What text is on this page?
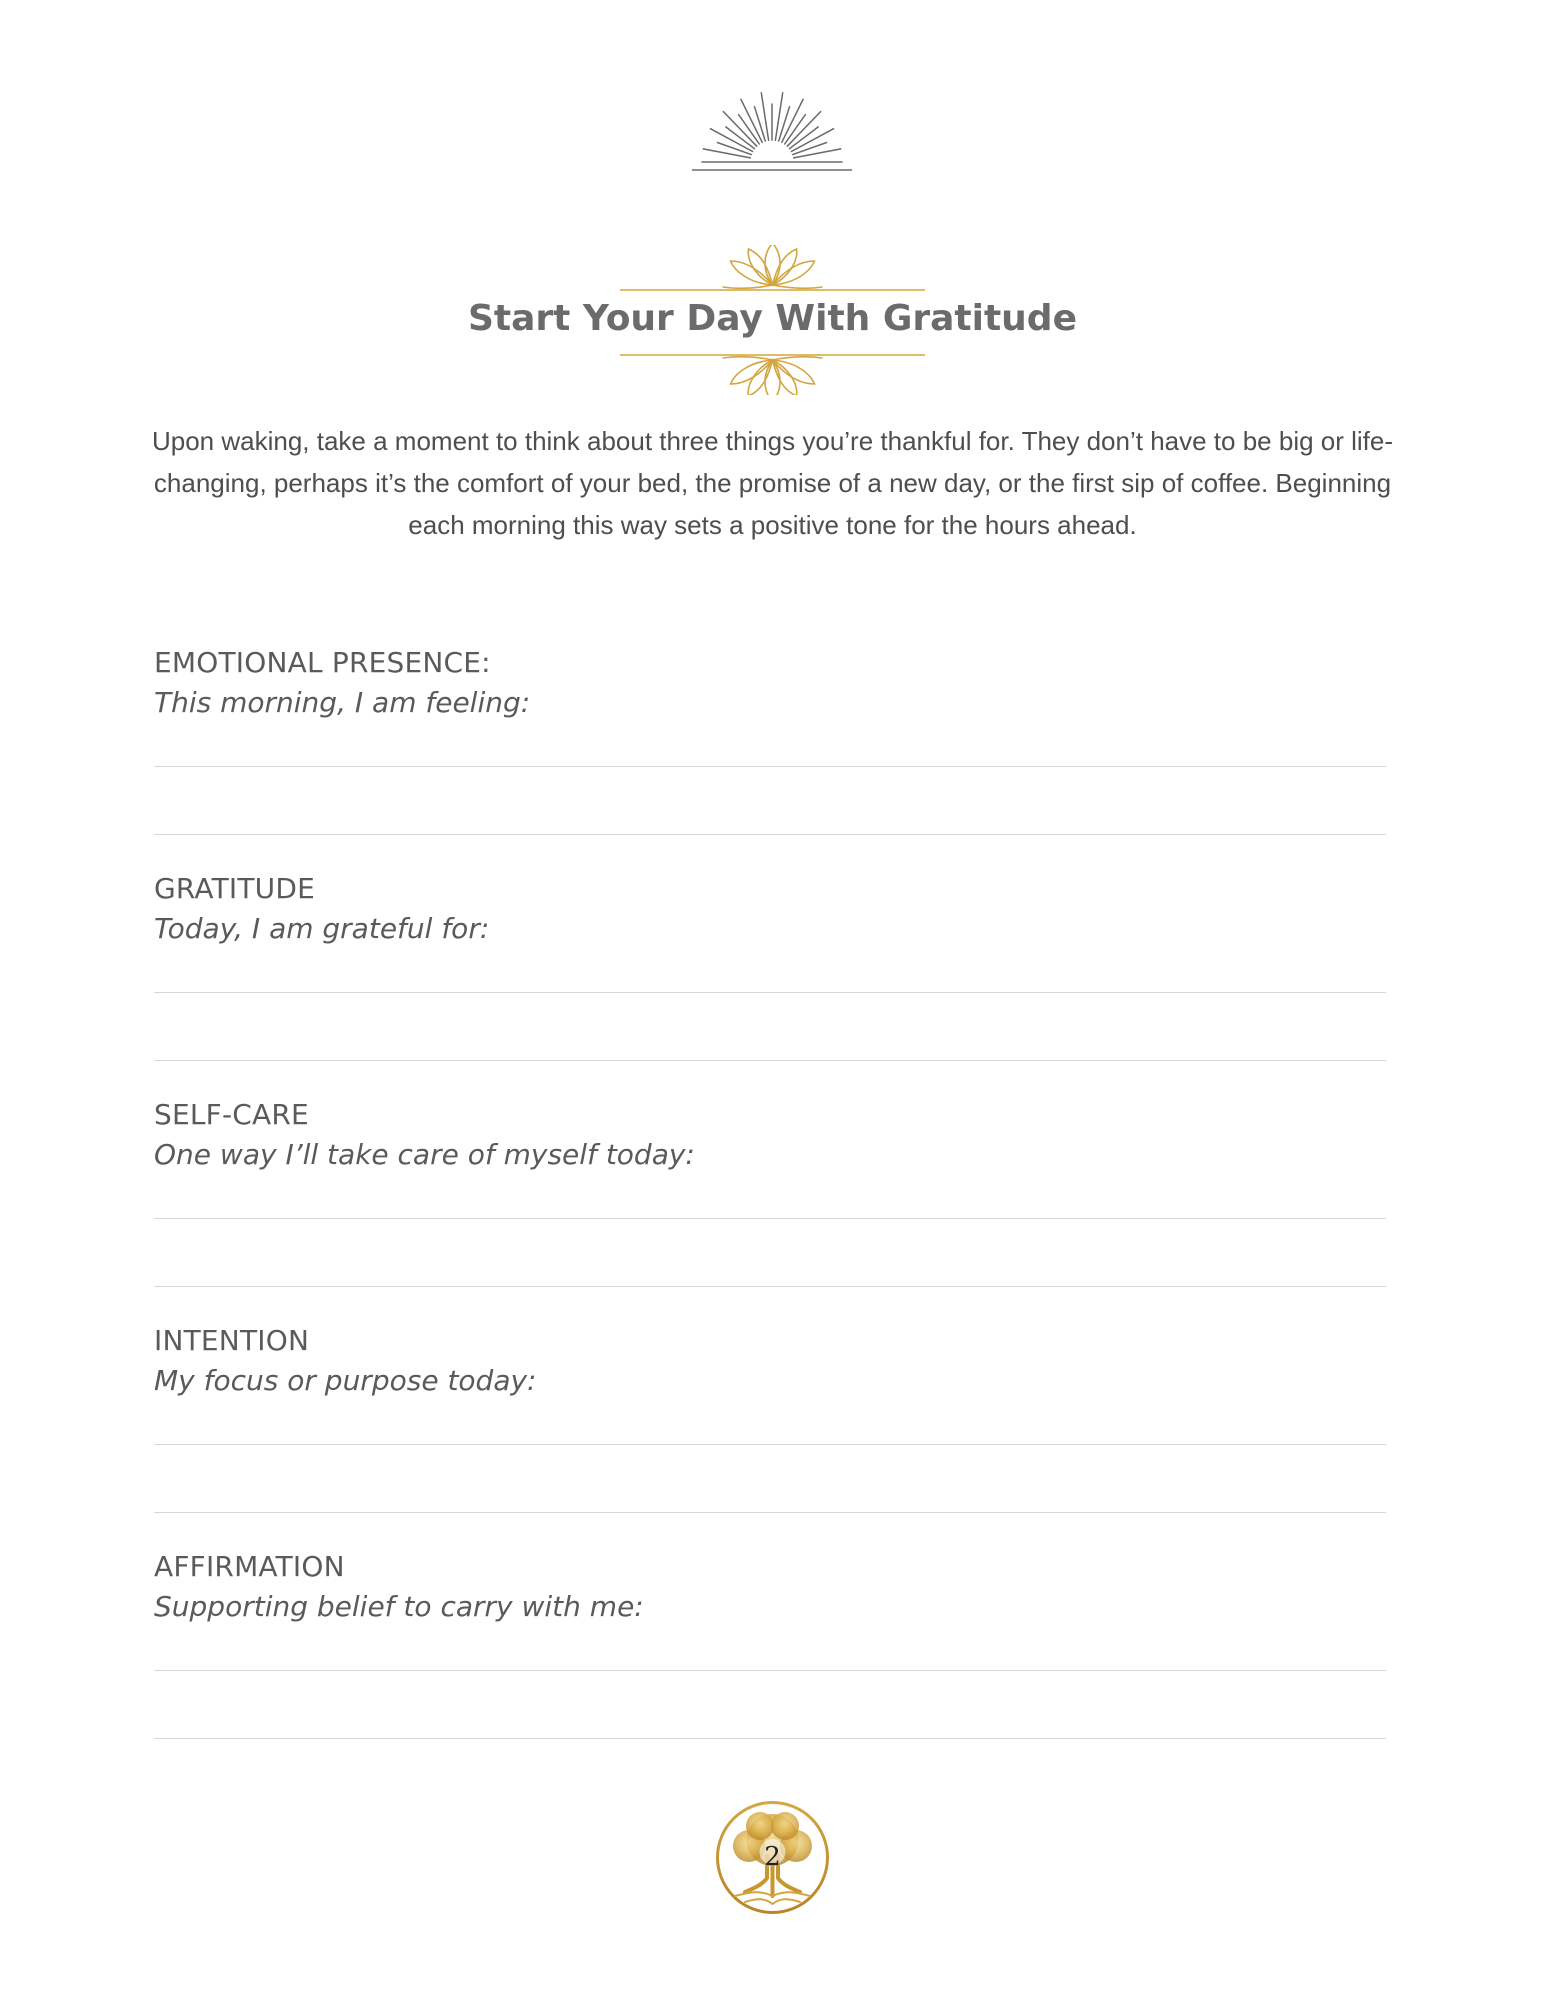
Start Your Day With Gratitude

Upon waking, take a moment to think about three things you’re thankful for. They don’t have to be big or life-changing, perhaps it’s the comfort of your bed, the promise of a new day, or the first sip of coffee. Beginning each morning this way sets a positive tone for the hours ahead.

EMOTIONAL PRESENCE:

This morning, I am feeling:

GRATITUDE

Today, I am grateful for:

SELF-CARE

One way I’ll take care of myself today:

INTENTION

My focus or purpose today:

AFFIRMATION

Supporting belief to carry with me:

2
